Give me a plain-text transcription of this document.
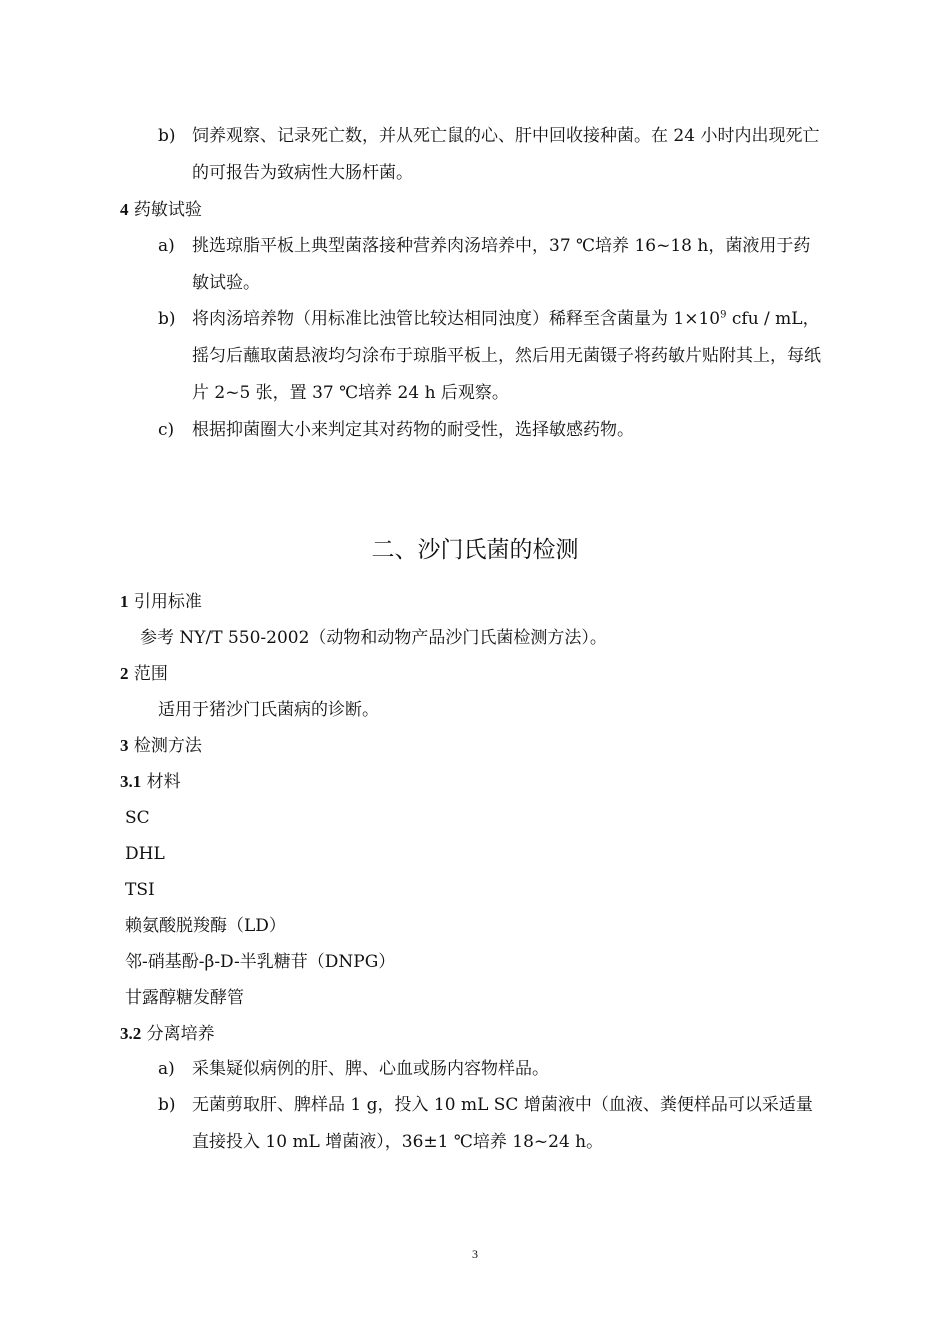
b) 饲养观察、记录死亡数，并从死亡鼠的心、肝中回收接种菌。在 24 小时内出现死亡的可报告为致病性大肠杆菌。
4 药敏试验
a) 挑选琼脂平板上典型菌落接种营养肉汤培养中，37 ℃培养 16~18 h，菌液用于药敏试验。
b) 将肉汤培养物（用标准比浊管比较达相同浊度）稀释至含菌量为 $1\times 10^9$ cfu / mL，摇匀后蘸取菌悬液均匀涂布于琼脂平板上，然后用无菌镊子将药敏片贴附其上，每纸片 2~5 张，置 37 ℃培养 24 h 后观察。
c) 根据抑菌圈大小来判定其对药物的耐受性，选择敏感药物。
二、沙门氏菌的检测
1 引用标准
参考 NY/T 550-2002（动物和动物产品沙门氏菌检测方法）。
2 范围
适用于猪沙门氏菌病的诊断。
3 检测方法
3.1 材料
SC
DHL
TSI
赖氨酸脱羧酶（LD）
邻-硝基酚-β-D-半乳糖苷（DNPG）
甘露醇糖发酵管
3.2 分离培养
a) 采集疑似病例的肝、脾、心血或肠内容物样品。
b) 无菌剪取肝、脾样品 1 g，投入 10 mL SC 增菌液中（血液、粪便样品可以采适量直接投入 10 mL 增菌液），36±1 ℃培养 18~24 h。
3
